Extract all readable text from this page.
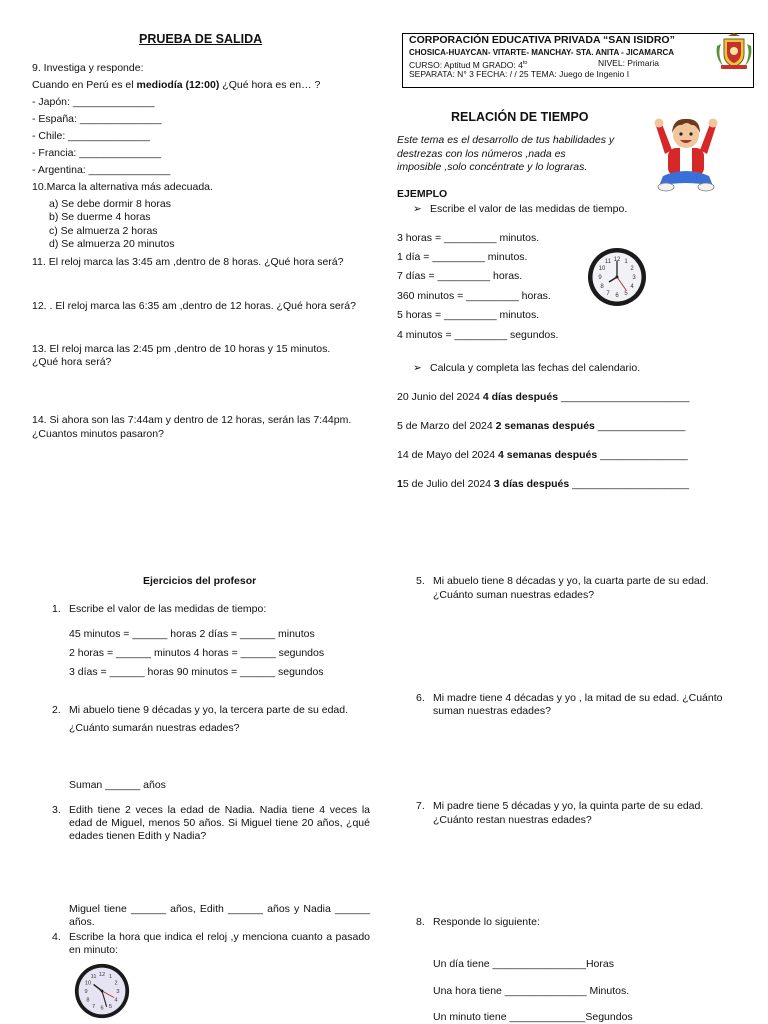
PRUEBA DE SALIDA
9. Investiga y responde:
Cuando en Perú es el mediodía (12:00) ¿Qué hora es en… ?
- Japón: ______________
- España: ______________
- Chile: ______________
- Francia: ______________
- Argentina: ______________
10.Marca la alternativa más adecuada.
a) Se debe dormir 8 horas
b) Se duerme 4 horas
c) Se almuerza 2 horas
d) Se almuerza 20 minutos
11. El reloj marca las 3:45 am ,dentro de 8 horas. ¿Qué hora será?
12. . El reloj marca las 6:35 am ,dentro de 12 horas. ¿Qué hora será?
13. El reloj marca las 2:45 pm ,dentro de 10 horas y 15 minutos.
¿Qué hora será?
14. Si ahora son las 7:44am y dentro de 12 horas, serán las 7:44pm.
¿Cuantos minutos pasaron?
CORPORACIÓN EDUCATIVA PRIVADA “SAN ISIDRO”
CHOSICA-HUAYCAN- VITARTE- MANCHAY- STA. ANITA - JICAMARCA
CURSO: Aptitud M GRADO: $4^{to}$	NIVEL: Primaria
SEPARATA: N° 3 FECHA: / / 25 TEMA: Juego de Ingenio I
RELACIÓN DE TIEMPO
Este tema es el desarrollo de tus habilidades y
destrezas con los números ,nada es
imposible ,solo concéntrate y lo lograras.
EJEMPLO
➢ Escribe el valor de las medidas de tiempo.
3 horas = _________ minutos.
1 día = _________ minutos.
7 días = _________ horas.
360 minutos = _________ horas.
5 horas = _________ minutos.
4 minutos = _________ segundos.
12 1
2
3
4
5
6
7
8
9
10
11
➢ Calcula y completa las fechas del calendario.
20 Junio del 2024 4 días después ______________________
5 de Marzo del 2024 2 semanas después _______________
14 de Mayo del 2024 4 semanas después _______________
15 de Julio del 2024 3 días después ____________________
Ejercicios del profesor
1. Escribe el valor de las medidas de tiempo:
45 minutos = ______ horas 2 días = ______ minutos
2 horas = ______ minutos 4 horas = ______ segundos
3 días = ______ horas 90 minutos = ______ segundos
2. Mi abuelo tiene 9 décadas y yo, la tercera parte de su edad.
¿Cuánto sumarán nuestras edades?
Suman ______ años
3. Edith tiene 2 veces la edad de Nadia. Nadia tiene 4 veces la edad de Miguel, menos 50 años. Si Miguel tiene 20 años, ¿qué edades tienen Edith y Nadia?
Miguel tiene ______ años, Edith ______ años y Nadia ______ años.
4. Escribe la hora que indica el reloj ,y menciona cuanto a pasado en minuto:
12 1
2
3
4
5
6
7
8
9
10
11
5. Mi abuelo tiene 8 décadas y yo, la cuarta parte de su edad.
¿Cuánto suman nuestras edades?
6. Mi madre tiene 4 décadas y yo , la mitad de su edad. ¿Cuánto
suman nuestras edades?
7. Mi padre tiene 5 décadas y yo, la quinta parte de su edad.
¿Cuánto restan nuestras edades?
8. Responde lo siguiente:
Un día tiene ________________Horas
Una hora tiene ______________ Minutos.
Un minuto tiene _____________Segundos
